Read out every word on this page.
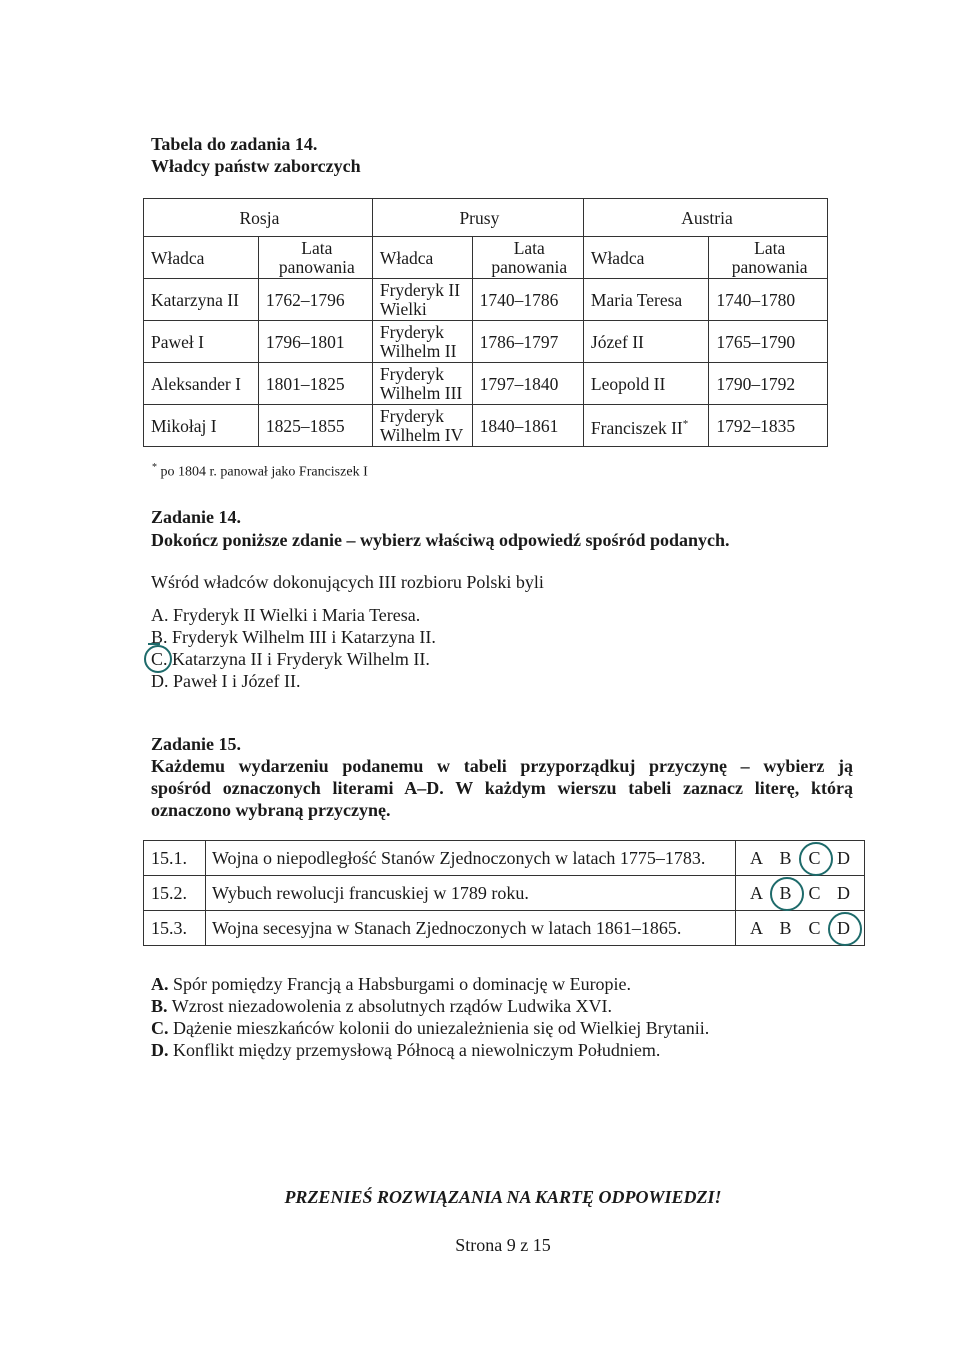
Tabela do zadania 14.
Władcy państw zaborczych
Rosja		Prusy		Austria	
Władca	Lata panowania	Władca	Lata panowania	Władca	Lata panowania
Katarzyna II	1762–1796	Fryderyk II Wielki	1740–1786	Maria Teresa	1740–1780
Paweł I	1796–1801	Fryderyk Wilhelm II	1786–1797	Józef II	1765–1790
Aleksander I	1801–1825	Fryderyk Wilhelm III	1797–1840	Leopold II	1790–1792
Mikołaj I	1825–1855	Fryderyk Wilhelm IV	1840–1861	Franciszek II*	1792–1835
* po 1804 r. panował jako Franciszek I
Zadanie 14.
Dokończ poniższe zdanie – wybierz właściwą odpowiedź spośród podanych.
Wśród władców dokonujących III rozbioru Polski byli
A. Fryderyk II Wielki i Maria Teresa.
B. Fryderyk Wilhelm III i Katarzyna II.
C. Katarzyna II i Fryderyk Wilhelm II.
D. Paweł I i Józef II.
Zadanie 15.
Każdemu wydarzeniu podanemu w tabeli przyporządkuj przyczynę – wybierz ją
spośród oznaczonych literami A–D. W każdym wierszu tabeli zaznacz literę, którą
oznaczono wybraną przyczynę.
15.1.	Wojna o niepodległość Stanów Zjednoczonych w latach 1775–1783.	A B C D

15.2.	Wybuch rewolucji francuskiej w 1789 roku.	A B C D

15.3.	Wojna secesyjna w Stanach Zjednoczonych w latach 1861–1865.	A B C D
A. Spór pomiędzy Francją a Habsburgami o dominację w Europie.
B. Wzrost niezadowolenia z absolutnych rządów Ludwika XVI.
C. Dążenie mieszkańców kolonii do uniezależnienia się od Wielkiej Brytanii.
D. Konflikt między przemysłową Północą a niewolniczym Południem.
PRZENIEŚ ROZWIĄZANIA NA KARTĘ ODPOWIEDZI!
Strona 9 z 15
